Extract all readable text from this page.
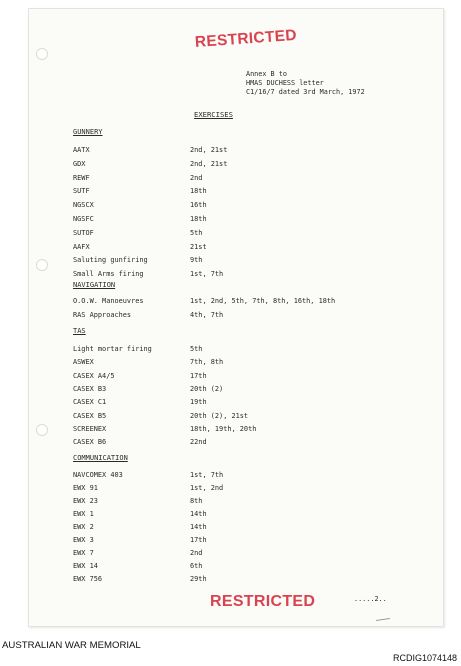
RESTRICTED
Annex B to
HMAS DUCHESS letter
C1/16/7 dated 3rd March, 1972
EXERCISES
GUNNERY
AATX	2nd, 21st
GDX	2nd, 21st
REWF	2nd
SUTF	18th
NGSCX	16th
NGSFC	18th
SUTOF	5th
AAFX	21st
Saluting gunfiring	9th
Small Arms firing	1st, 7th
NAVIGATION
O.O.W. Manoeuvres	1st, 2nd, 5th, 7th, 8th, 16th, 18th
RAS Approaches	4th, 7th
TAS
Light mortar firing	5th
ASWEX	7th, 8th
CASEX A4/5	17th
CASEX B3	20th (2)
CASEX C1	19th
CASEX B5	20th (2), 21st
SCREENEX	18th, 19th, 20th
CASEX B6	22nd
COMMUNICATION
NAVCOMEX 403	1st, 7th
EWX 91	1st, 2nd
EWX 23	8th
EWX 1	14th
EWX 2	14th
EWX 3	17th
EWX 7	2nd
EWX 14	6th
EWX 756	29th
RESTRICTED	.....2..
AUSTRALIAN WAR MEMORIAL
RCDIG1074148
